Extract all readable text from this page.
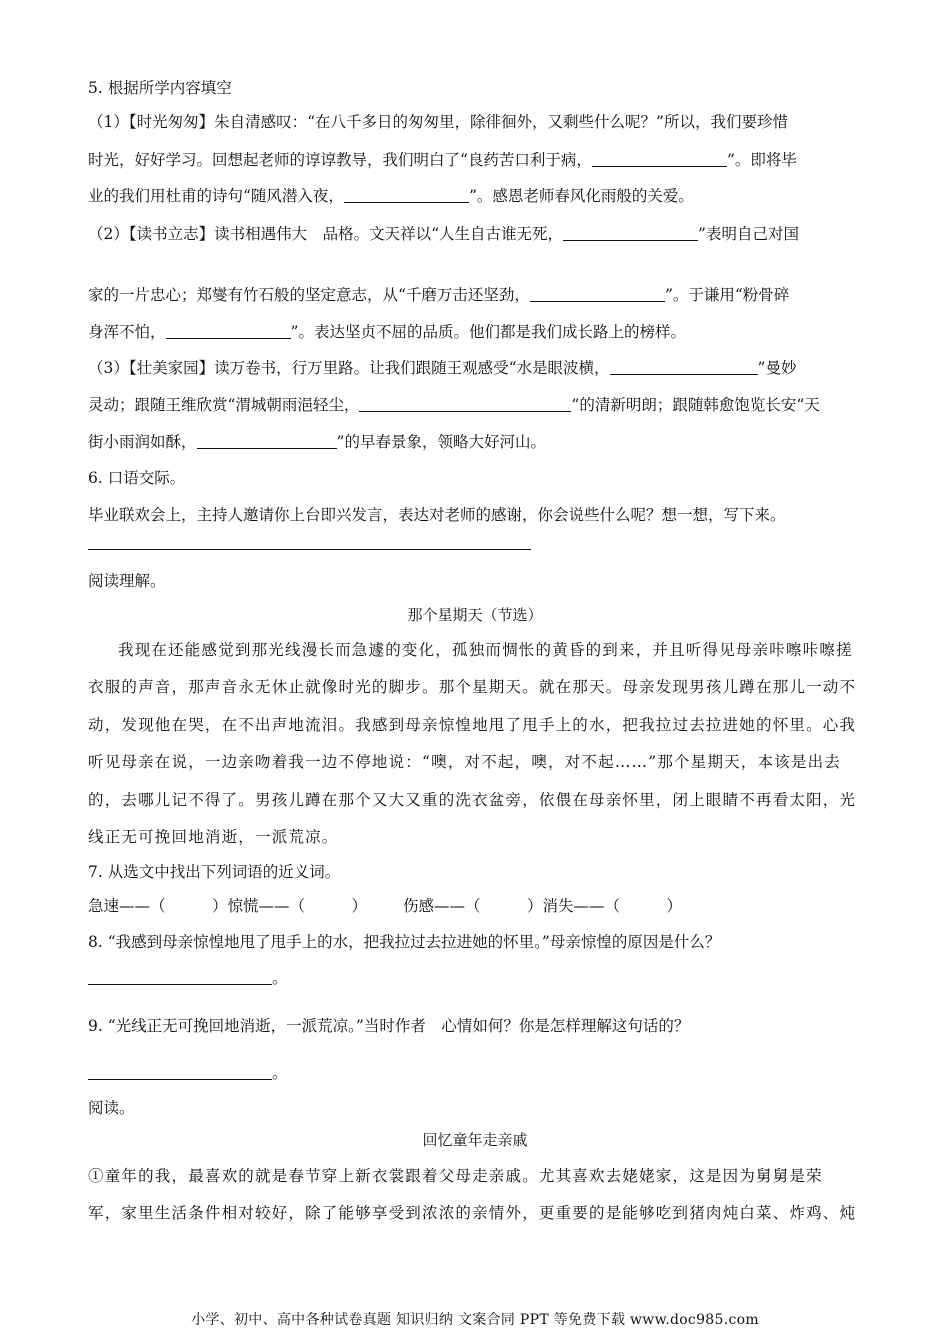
5. 根据所学内容填空
（1）【时光匆匆】朱自清感叹：“在八千多日的匆匆里，除徘徊外，又剩些什么呢？”所以，我们要珍惜
时光，好好学习。回想起老师的谆谆教导，我们明白了“良药苦口利于病，	”。即将毕
业的我们用杜甫的诗句“随风潜入夜，	”。感恩老师春风化雨般的关爱。
（2）【读书立志】读书相遇伟大　品格。文天祥以“人生自古谁无死，	”表明自己对国
家的一片忠心；郑燮有竹石般的坚定意志，从“千磨万击还坚劲，	”。于谦用“粉骨碎
身浑不怕，	”。表达坚贞不屈的品质。他们都是我们成长路上的榜样。
（3）【壮美家园】读万卷书，行万里路。让我们跟随王观感受“水是眼波横，	”曼妙
灵动；跟随王维欣赏“渭城朝雨浥轻尘，	”的清新明朗；跟随韩愈饱览长安“天
街小雨润如酥，	”的早春景象，领略大好河山。
6. 口语交际。
毕业联欢会上，主持人邀请你上台即兴发言，表达对老师的感谢，你会说些什么呢？想一想，写下来。
阅读理解。
那个星期天（节选）
我现在还能感觉到那光线漫长而急遽的变化，孤独而惆怅的黄昏的到来，并且听得见母亲咔嚓咔嚓搓
衣服的声音，那声音永无休止就像时光的脚步。那个星期天。就在那天。母亲发现男孩儿蹲在那儿一动不
动，发现他在哭，在不出声地流泪。我感到母亲惊惶地甩了甩手上的水，把我拉过去拉进她的怀里。心我
听见母亲在说，一边亲吻着我一边不停地说：“噢，对不起，噢，对不起……”那个星期天，本该是出去
的，去哪儿记不得了。男孩儿蹲在那个又大又重的洗衣盆旁，依偎在母亲怀里，闭上眼睛不再看太阳，光
线正无可挽回地消逝，一派荒凉。
7. 从选文中找出下列词语的近义词。
急速——（　　　）惊慌——（　　　） 伤感——（　　　）消失——（　　　）
8. “我感到母亲惊惶地甩了甩手上的水，把我拉过去拉进她的怀里。”母亲惊惶的原因是什么？
。
9. “光线正无可挽回地消逝，一派荒凉。”当时作者　心情如何？你是怎样理解这句话的？
。
阅读。
回忆童年走亲戚
①童年的我，最喜欢的就是春节穿上新衣裳跟着父母走亲戚。尤其喜欢去姥姥家，这是因为舅舅是荣
军，家里生活条件相对较好，除了能够享受到浓浓的亲情外，更重要的是能够吃到猪肉炖白菜、炸鸡、炖
小学、初中、高中各种试卷真题 知识归纳 文案合同 PPT 等免费下载 www.doc985.com
